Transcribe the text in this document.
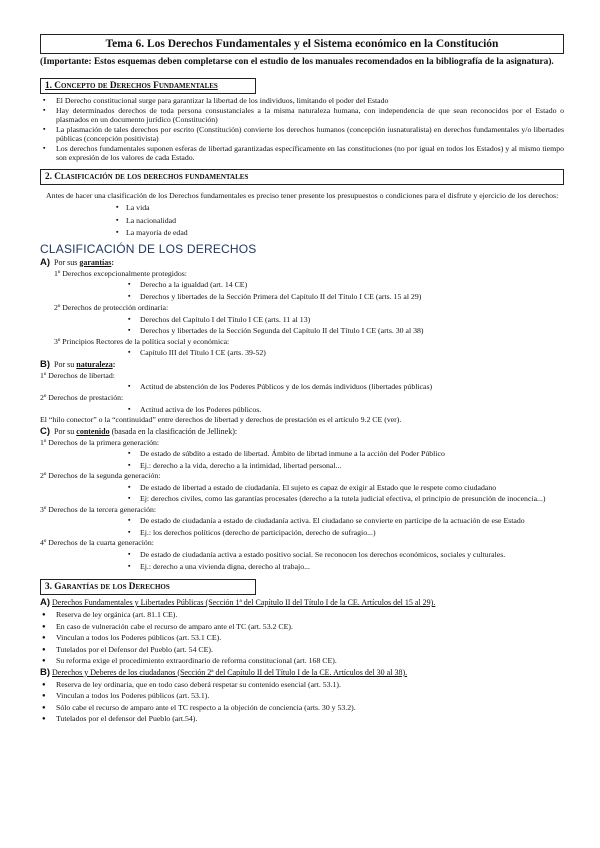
Tema 6. Los Derechos Fundamentales y el Sistema económico en la Constitución
(Importante: Estos esquemas deben completarse con el estudio de los manuales recomendados en la bibliografía de la asignatura).
1. Concepto de Derechos Fundamentales
▪ El Derecho constitucional surge para garantizar la libertad de los individuos, limitando el poder del Estado
▪ Hay determinados derechos de toda persona consustanciales a la misma naturaleza humana, con independencia de que sean reconocidos por el Estado o plasmados en un documento jurídico (Constitución)
▪ La plasmación de tales derechos por escrito (Constitución) convierte los derechos humanos (concepción iusnaturalista) en derechos fundamentales y/o libertades públicas (concepción positivista)
▪ Los derechos fundamentales suponen esferas de libertad garantizadas específicamente en las constituciones (no por igual en todos los Estados) y al mismo tiempo son expresión de los valores de cada Estado.
2. Clasificación de los derechos fundamentales
Antes de hacer una clasificación de los Derechos fundamentales es preciso tener presente los presupuestos o condiciones para el disfrute y ejercicio de los derechos:
▪ La vida
▪ La nacionalidad
▪ La mayoría de edad
CLASIFICACIÓN DE LOS DERECHOS
A) Por sus garantías:
1º Derechos excepcionalmente protegidos:
▪ Derecho a la igualdad (art. 14 CE)
▪ Derechos y libertades de la Sección Primera del Capítulo II del Título I CE (arts. 15 al 29)
2º Derechos de protección ordinaria:
▪ Derechos del Capítulo I del Título I CE (arts. 11 al 13)
▪ Derechos y libertades de la Sección Segunda del Capítulo II del Título I CE (arts. 30 al 38)
3º Principios Rectores de la política social y económica:
▪ Capítulo III del Título I CE (arts. 39-52)
B) Por su naturaleza:
1º Derechos de libertad:
▪ Actitud de abstención de los Poderes Públicos y de los demás individuos (libertades públicas)
2º Derechos de prestación:
▪ Actitud activa de los Poderes públicos.
El “hilo conector” o la “continuidad” entre derechos de libertad y derechos de prestación es el artículo 9.2 CE (ver).
C) Por su contenido (basada en la clasificación de Jellinek):
1º Derechos de la primera generación:
▪ De estado de súbdito a estado de libertad. Ámbito de librtad inmune a la acción del Poder Público
▪ Ej.: derecho a la vida, derecho a la intimidad, libertad personal...
2º Derechos de la segunda generación:
▪ De estado de libertad a estado de ciudadanía. El sujeto es capaz de exigir al Estado que le respete como ciudadano
▪ Ej: derechos civiles, como las garantías procesales (derecho a la tutela judicial efectiva, el principio de presunción de inocencia...)
3º Derechos de la tercera generación:
▪ De estado de ciudadanía a estado de ciudadanía activa. El ciudadano se convierte en partícipe de la actuación de ese Estado
▪ Ej.: los derechos políticos (derecho de participación, derecho de sufragio...)
4º Derechos de la cuarta generación:
▪ De estado de ciudadanía activa a estado positivo social. Se reconocen los derechos económicos, sociales y culturales.
▪ Ej.: derecho a una vivienda digna, derecho al trabajo...
3. Garantías de los Derechos
A) Derechos Fundamentales y Libertades Públicas (Sección 1ª del Capítulo II del Título I de la CE. Artículos del 15 al 29).
● Reserva de ley orgánica (art. 81.1 CE).
● En caso de vulneración cabe el recurso de amparo ante el TC (art. 53.2 CE).
● Vinculan a todos los Poderes públicos (art. 53.1 CE).
● Tutelados por el Defensor del Pueblo (art. 54 CE).
● Su reforma exige el procedimiento extraordinario de reforma constitucional (art. 168 CE).
B) Derechos y Deberes de los ciudadanos (Sección 2ª del Capítulo II del Título I de la CE. Artículos del 30 al 38).
● Reserva de ley ordinaria, que en todo caso deberá respetar su contenido esencial (art. 53.1).
● Vinculan a todos los Poderes públicos (art. 53.1).
● Sólo cabe el recurso de amparo ante el TC respecto a la objeción de conciencia (arts. 30 y 53.2).
● Tutelados por el defensor del Pueblo (art.54).
